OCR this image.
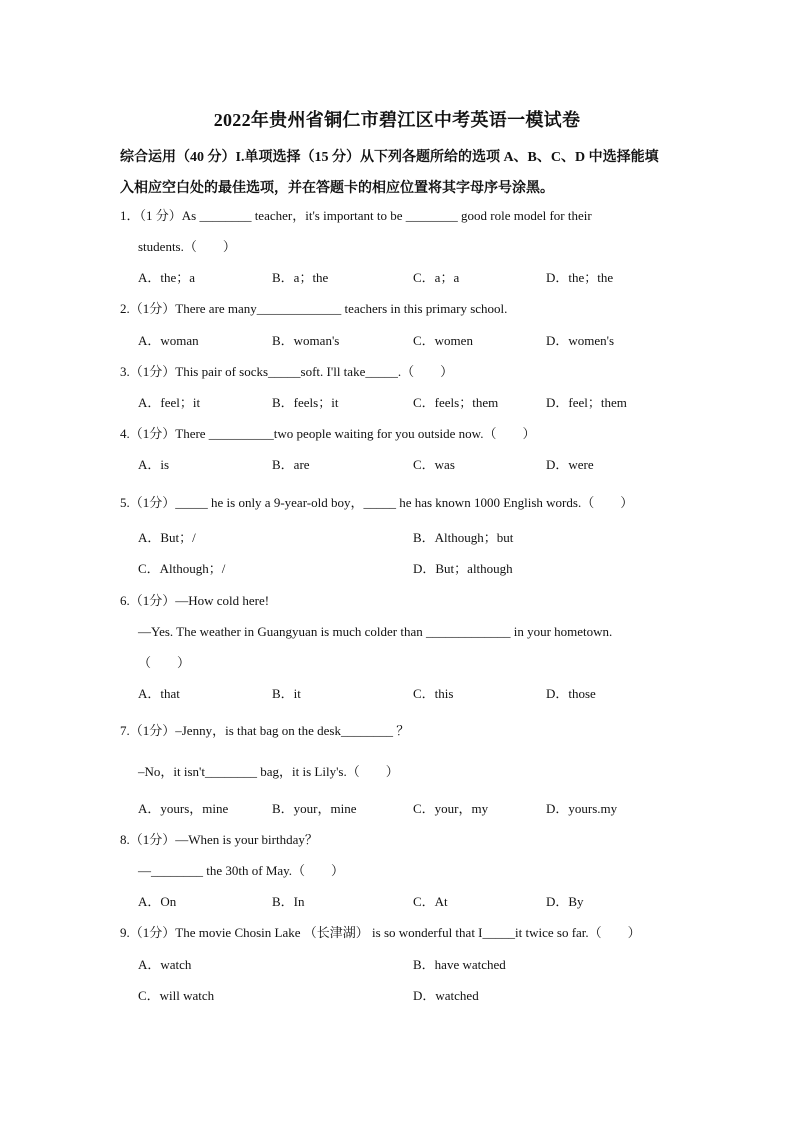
2022年贵州省铜仁市碧江区中考英语一模试卷
综合运用（40 分）I.单项选择（15 分）从下列各题所给的选项 A、B、C、D 中选择能填
入相应空白处的最佳选项，并在答题卡的相应位置将其字母序号涂黑。
1．（1 分）As ________ teacher，it's important to be ________ good role model for their
students.（　　）
A．the；a	B．a；the	C．a；a	D．the；the
2.（1分）There are many_____________ teachers in this primary school.
A．woman	B．woman's	C．women	D．women's
3.（1分）This pair of socks_____soft. I'll take_____.（　　）
A．feel；it	B．feels；it	C．feels；them	D．feel；them
4.（1分）There __________two people waiting for you outside now.（　　）
A．is	B．are	C．was	D．were
5.（1分）_____ he is only a 9-year-old boy，_____ he has known 1000 English words.（　　）
A．But；/	B．Although；but
C．Although；/	D．But；although
6.（1分）—How cold here!
—Yes. The weather in Guangyuan is much colder than _____________ in your hometown.
（　　）
A．that	B．it	C．this	D．those
7.（1分）–Jenny，is that bag on the desk________ ？
–No，it isn't________ bag，it is Lily's.（　　）
A．yours，mine	B．your，mine	C．your，my	D．yours.my
8.（1分）—When is your birthday？
—________ the 30th of May.（　　）
A．On	B．In	C．At	D．By
9.（1分）The movie Chosin Lake （长津湖） is so wonderful that I_____it twice so far.（　　）
A．watch	B．have watched
C．will watch	D．watched
